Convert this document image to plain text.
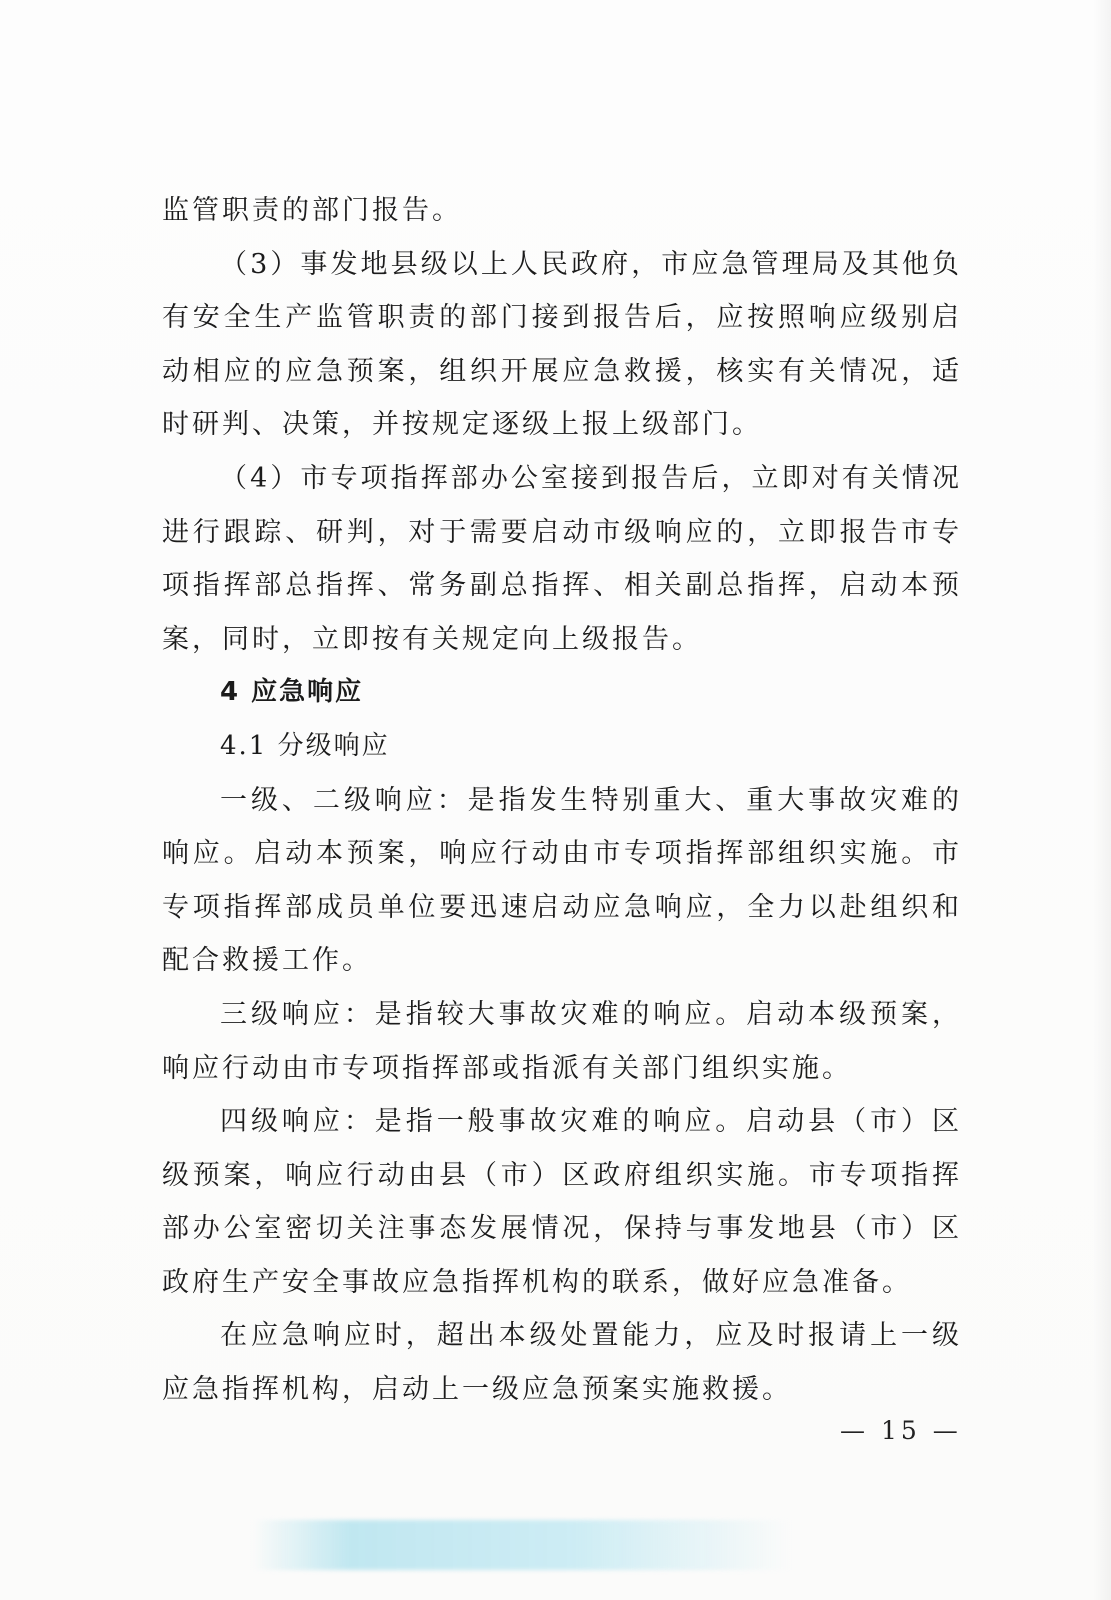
监管职责的部门报告。

（3）事发地县级以上人民政府，市应急管理局及其他负有安全生产监管职责的部门接到报告后，应按照响应级别启动相应的应急预案，组织开展应急救援，核实有关情况，适时研判、决策，并按规定逐级上报上级部门。

（4）市专项指挥部办公室接到报告后，立即对有关情况进行跟踪、研判，对于需要启动市级响应的，立即报告市专项指挥部总指挥、常务副总指挥、相关副总指挥，启动本预案，同时，立即按有关规定向上级报告。

4 应急响应

4.1 分级响应

一级、二级响应：是指发生特别重大、重大事故灾难的响应。启动本预案，响应行动由市专项指挥部组织实施。市专项指挥部成员单位要迅速启动应急响应，全力以赴组织和配合救援工作。

三级响应：是指较大事故灾难的响应。启动本级预案，响应行动由市专项指挥部或指派有关部门组织实施。

四级响应：是指一般事故灾难的响应。启动县（市）区级预案，响应行动由县（市）区政府组织实施。市专项指挥部办公室密切关注事态发展情况，保持与事发地县（市）区政府生产安全事故应急指挥机构的联系，做好应急准备。

在应急响应时，超出本级处置能力，应及时报请上一级应急指挥机构，启动上一级应急预案实施救援。

— 15 —
